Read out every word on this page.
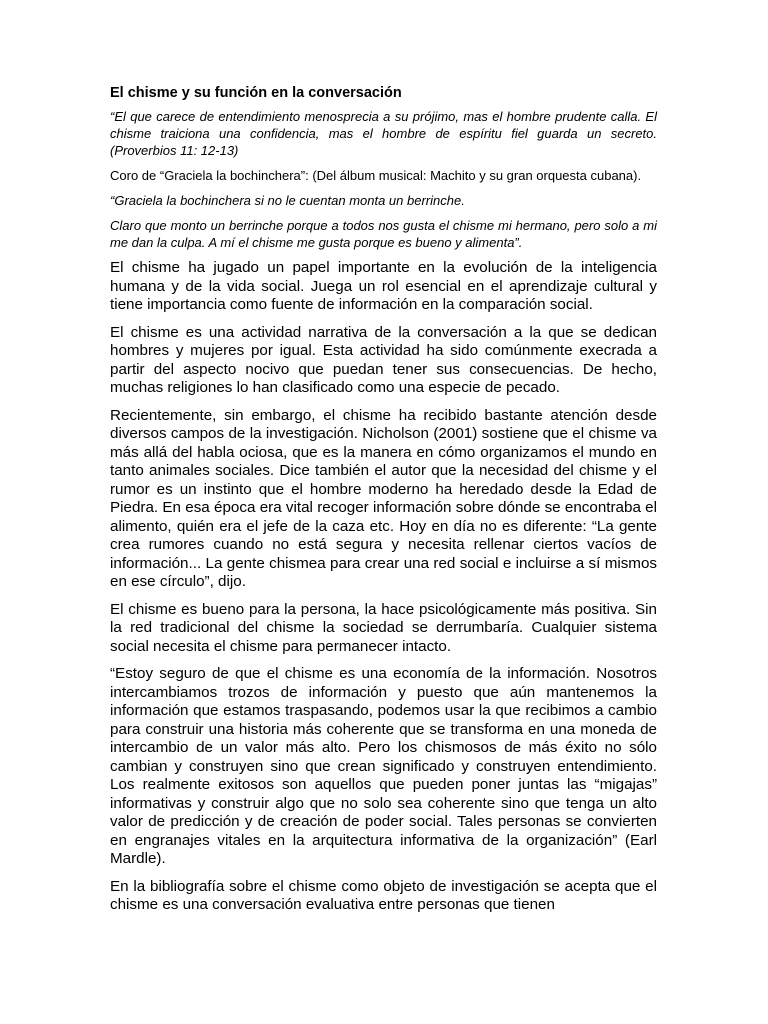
El chisme y su función en la conversación

“El que carece de entendimiento menosprecia a su prójimo, mas el hombre prudente calla. El chisme traiciona una confidencia, mas el hombre de espíritu fiel guarda un secreto. (Proverbios 11: 12-13)

Coro de “Graciela la bochinchera”: (Del álbum musical: Machito y su gran orquesta cubana).

“Graciela la bochinchera si no le cuentan monta un berrinche.

Claro que monto un berrinche porque a todos nos gusta el chisme mi hermano, pero solo a mi me dan la culpa. A mí el chisme me gusta porque es bueno y alimenta”.

El chisme ha jugado un papel importante en la evolución de la inteligencia humana y de la vida social. Juega un rol esencial en el aprendizaje cultural y tiene importancia como fuente de información en la comparación social.

El chisme es una actividad narrativa de la conversación a la que se dedican hombres y mujeres por igual. Esta actividad ha sido comúnmente execrada a partir del aspecto nocivo que puedan tener sus consecuencias. De hecho, muchas religiones lo han clasificado como una especie de pecado.

Recientemente, sin embargo, el chisme ha recibido bastante atención desde diversos campos de la investigación. Nicholson (2001) sostiene que el chisme va más allá del habla ociosa, que es la manera en cómo organizamos el mundo en tanto animales sociales. Dice también el autor que la necesidad del chisme y el rumor es un instinto que el hombre moderno ha heredado desde la Edad de Piedra. En esa época era vital recoger información sobre dónde se encontraba el alimento, quién era el jefe de la caza etc. Hoy en día no es diferente: “La gente crea rumores cuando no está segura y necesita rellenar ciertos vacíos de información... La gente chismea para crear una red social e incluirse a sí mismos en ese círculo”, dijo.

El chisme es bueno para la persona, la hace psicológicamente más positiva. Sin la red tradicional del chisme la sociedad se derrumbaría. Cualquier sistema social necesita el chisme para permanecer intacto.

“Estoy seguro de que el chisme es una economía de la información. Nosotros intercambiamos trozos de información y puesto que aún mantenemos la información que estamos traspasando, podemos usar la que recibimos a cambio para construir una historia más coherente que se transforma en una moneda de intercambio de un valor más alto. Pero los chismosos de más éxito no sólo cambian y construyen sino que crean significado y construyen entendimiento. Los realmente exitosos son aquellos que pueden poner juntas las “migajas” informativas y construir algo que no solo sea coherente sino que tenga un alto valor de predicción y de creación de poder social. Tales personas se convierten en engranajes vitales en la arquitectura informativa de la organización” (Earl Mardle).

En la bibliografía sobre el chisme como objeto de investigación se acepta que el chisme es una conversación evaluativa entre personas que tienen
